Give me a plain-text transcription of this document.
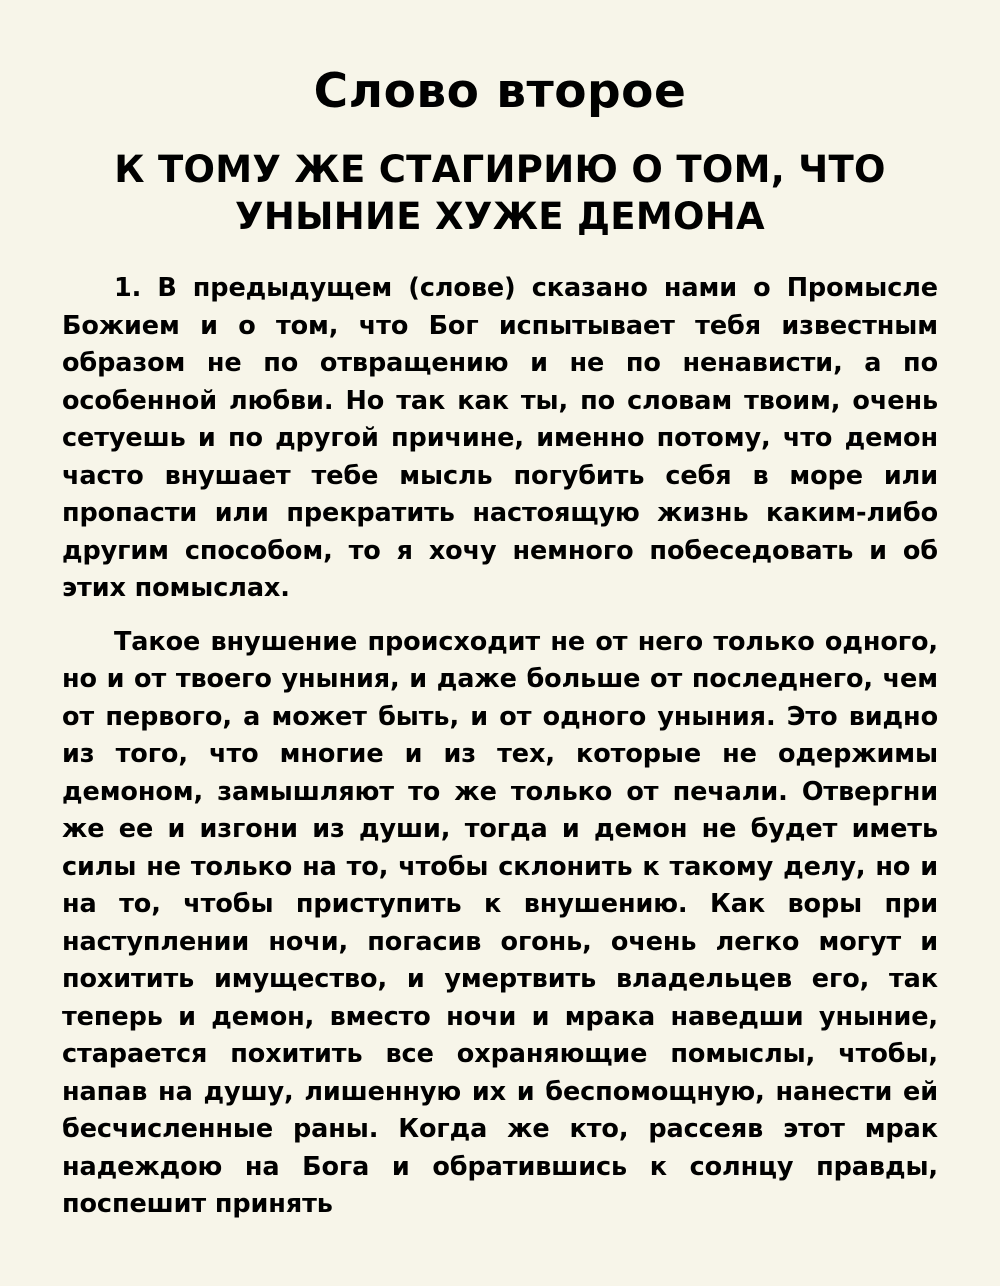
Слово второе
К ТОМУ ЖЕ СТАГИРИЮ О ТОМ, ЧТО УНЫНИЕ ХУЖЕ ДЕМОНА

1. В предыдущем (слове) сказано нами о Промысле Божием и о том, что Бог испытывает тебя известным образом не по отвращению и не по ненависти, а по особенной любви. Но так как ты, по словам твоим, очень сетуешь и по другой причине, именно потому, что демон часто внушает тебе мысль погубить себя в море или пропасти или прекратить настоящую жизнь каким-либо другим способом, то я хочу немного побеседовать и об этих помыслах.

Такое внушение происходит не от него только одного, но и от твоего уныния, и даже больше от последнего, чем от первого, а может быть, и от одного уныния. Это видно из того, что многие и из тех, которые не одержимы демоном, замышляют то же только от печали. Отвергни же ее и изгони из души, тогда и демон не будет иметь силы не только на то, чтобы склонить к такому делу, но и на то, чтобы приступить к внушению. Как воры при наступлении ночи, погасив огонь, очень легко могут и похитить имущество, и умертвить владельцев его, так теперь и демон, вместо ночи и мрака наведши уныние, старается похитить все охраняющие помыслы, чтобы, напав на душу, лишенную их и беспомощную, нанести ей бесчисленные раны. Когда же кто, рассеяв этот мрак надеждою на Бога и обратившись к солнцу правды, поспешит принять
